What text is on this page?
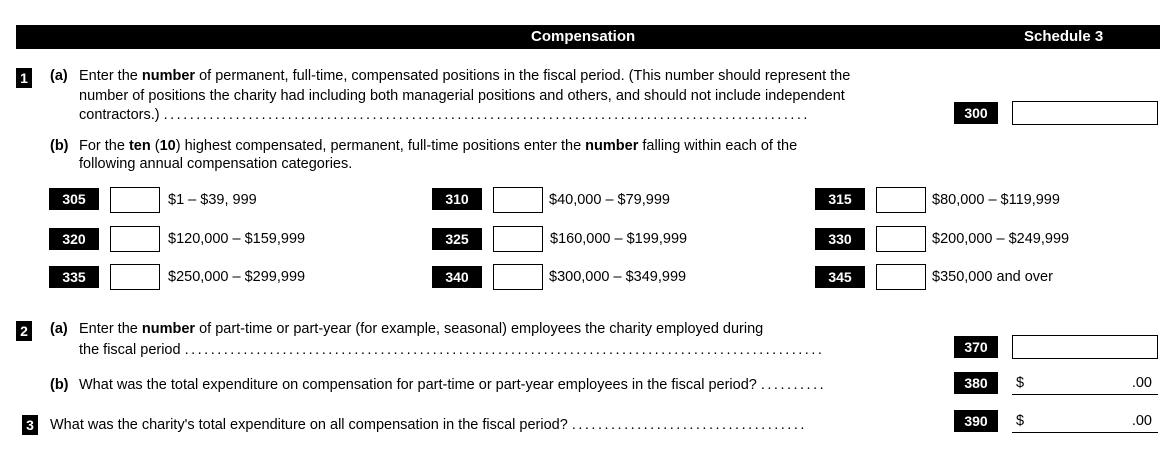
Compensation	Schedule 3
1 (a) Enter the number of permanent, full-time, compensated positions in the fiscal period. (This number should represent the
number of positions the charity had including both managerial positions and others, and should not include independent
contractors.) ...................................................................................................	300
(b) For the ten (10) highest compensated, permanent, full-time positions enter the number falling within each of the
following annual compensation categories.
305	$1 – $39, 999	310	$40,000 – $79,999	315	$80,000 – $119,999
320	$120,000 – $159,999	325	$160,000 – $199,999	330	$200,000 – $249,999
335	$250,000 – $299,999	340	$300,000 – $349,999	345	$350,000 and over
2 (a) Enter the number of part-time or part-year (for example, seasonal) employees the charity employed during
the fiscal period ..................................................................................................	370
(b) What was the total expenditure on compensation for part-time or part-year employees in the fiscal period? ..........	380	$	.00
3 What was the charity's total expenditure on all compensation in the fiscal period? ....................................	390	$	.00
